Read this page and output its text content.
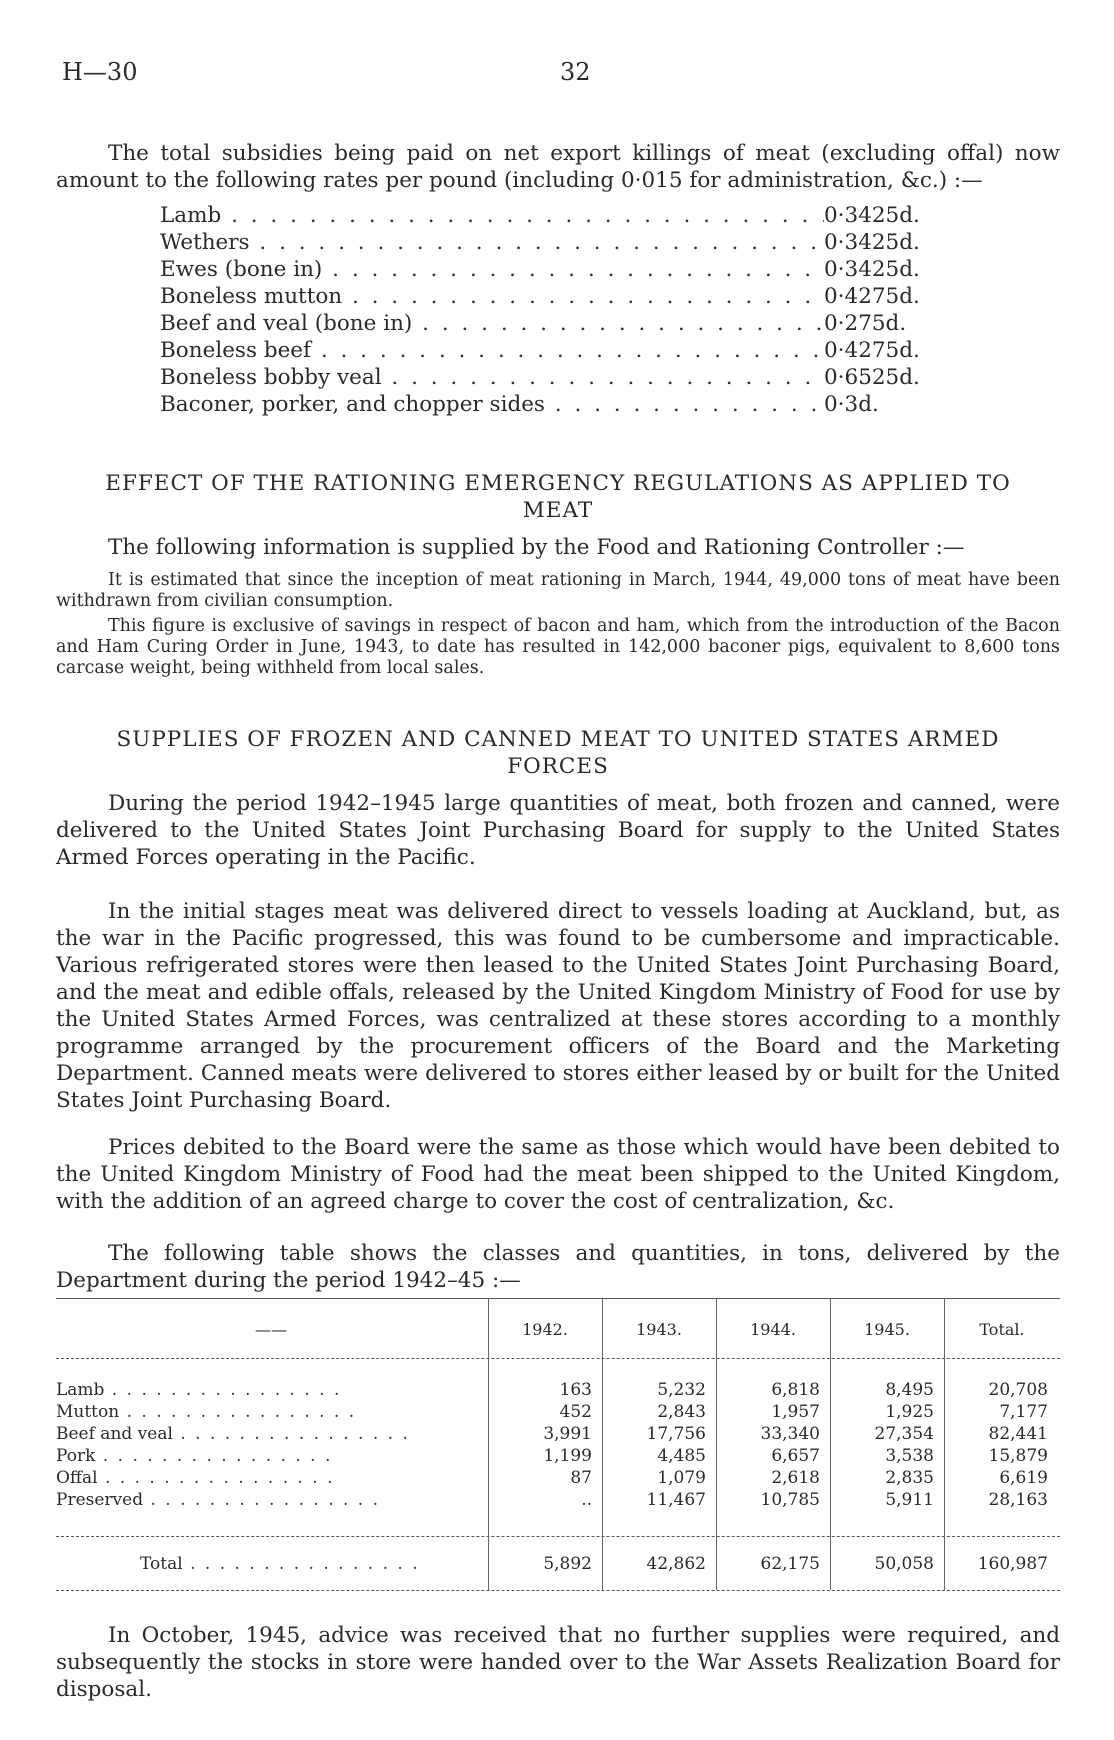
H—30	32

The total subsidies being paid on net export killings of meat (excluding offal) now amount to the following rates per pound (including 0·015 for administration, &c.) :—

Lamb . .	0·3425d.
Wethers . .	0·3425d.
Ewes (bone in) . .	0·3425d.
Boneless mutton . .	0·4275d.
Beef and veal (bone in) . .	0·275d.
Boneless beef . .	0·4275d.
Boneless bobby veal . .	0·6525d.
Baconer, porker, and chopper sides . .	0·3d.
EFFECT OF THE RATIONING EMERGENCY REGULATIONS AS APPLIED TO
MEAT

The following information is supplied by the Food and Rationing Controller :—

It is estimated that since the inception of meat rationing in March, 1944, 49,000 tons of meat have been withdrawn from civilian consumption.

This figure is exclusive of savings in respect of bacon and ham, which from the introduction of the Bacon and Ham Curing Order in June, 1943, to date has resulted in 142,000 baconer pigs, equivalent to 8,600 tons carcase weight, being withheld from local sales.

SUPPLIES OF FROZEN AND CANNED MEAT TO UNITED STATES ARMED
FORCES

During the period 1942–1945 large quantities of meat, both frozen and canned, were delivered to the United States Joint Purchasing Board for supply to the United States Armed Forces operating in the Pacific.

In the initial stages meat was delivered direct to vessels loading at Auckland, but, as the war in the Pacific progressed, this was found to be cumbersome and impracticable. Various refrigerated stores were then leased to the United States Joint Purchasing Board, and the meat and edible offals, released by the United Kingdom Ministry of Food for use by the United States Armed Forces, was centralized at these stores according to a monthly programme arranged by the procurement officers of the Board and the Marketing Department. Canned meats were delivered to stores either leased by or built for the United States Joint Purchasing Board.

Prices debited to the Board were the same as those which would have been debited to the United Kingdom Ministry of Food had the meat been shipped to the United Kingdom, with the addition of an agreed charge to cover the cost of centralization, &c.

The following table shows the classes and quantities, in tons, delivered by the Department during the period 1942–45 :—

——	1942.	1943.	1944.	1945.	Total.
Lamb . .	163	5,232	6,818	8,495	20,708
Mutton . .	452	2,843	1,957	1,925	7,177
Beef and veal . .	3,991	17,756	33,340	27,354	82,441
Pork . .	1,199	4,485	6,657	3,538	15,879
Offal . .	87	1,079	2,618	2,835	6,619
Preserved . .	..	11,467	10,785	5,911	28,163
Total . .	5,892	42,862	62,175	50,058	160,987

In October, 1945, advice was received that no further supplies were required, and subsequently the stocks in store were handed over to the War Assets Realization Board for disposal.
